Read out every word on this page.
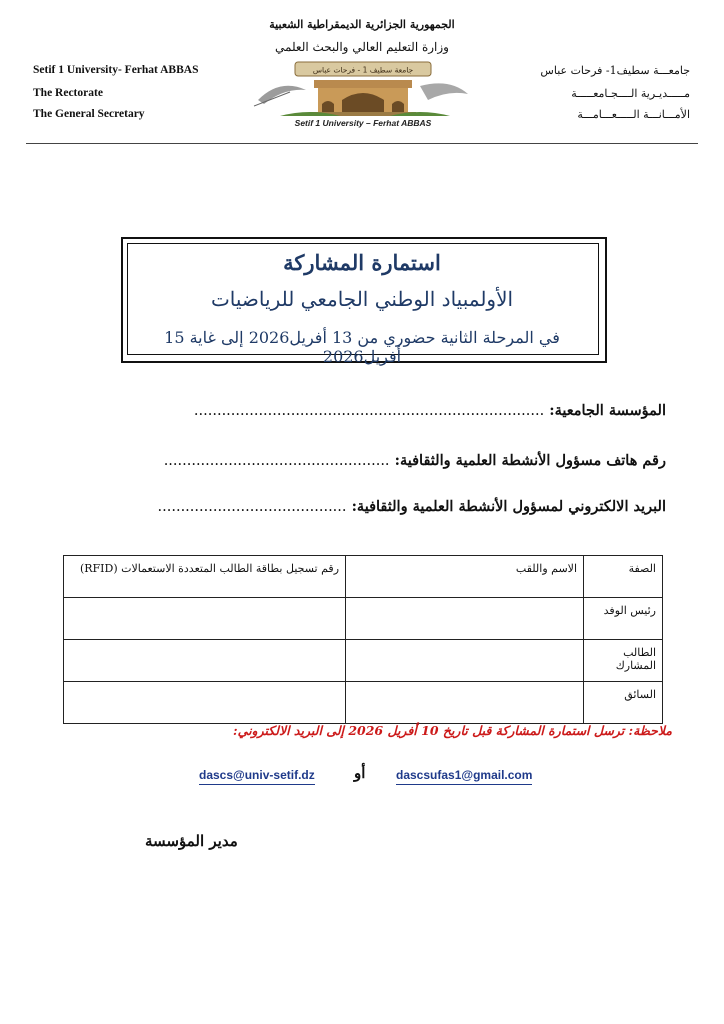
Setif 1 University- Ferhat ABBAS
The Rectorate
The General Secretary
الجمهورية الجزائرية الديمقراطية الشعبية
وزارة التعليم العالي والبحث العلمي
جامعة سطيف 1 - فرحات عباس
Setif 1 University – Ferhat ABBAS
جامعـــة سطيف1- فرحات عباس
مـــــديـرية الــــجـامعـــــة
الأمـــانـــة الـــــعـــامـــة
استمارة المشاركة
الأولمبياد الوطني الجامعي للرياضيات
في المرحلة الثانية حضوري من 13 أفريل2026 إلى غاية 15 أفريل2026
المؤسسة الجامعية: ............................................................................
رقم هاتف مسؤول الأنشطة العلمية والثقافية: .................................................
البريد الالكتروني لمسؤول الأنشطة العلمية والثقافية: .........................................
الصفة	الاسم واللقب	رقم تسجيل بطاقة الطالب المتعددة الاستعمالات (RFID)
رئيس الوفد		
الطالب المشارك		
السائق		
ملاحظة: ترسل استمارة المشاركة قبل تاريخ 10 أفريل 2026 إلى البريد الالكتروني:
dascsufas1@gmail.com
أو
dascs@univ-setif.dz
مدير المؤسسة
